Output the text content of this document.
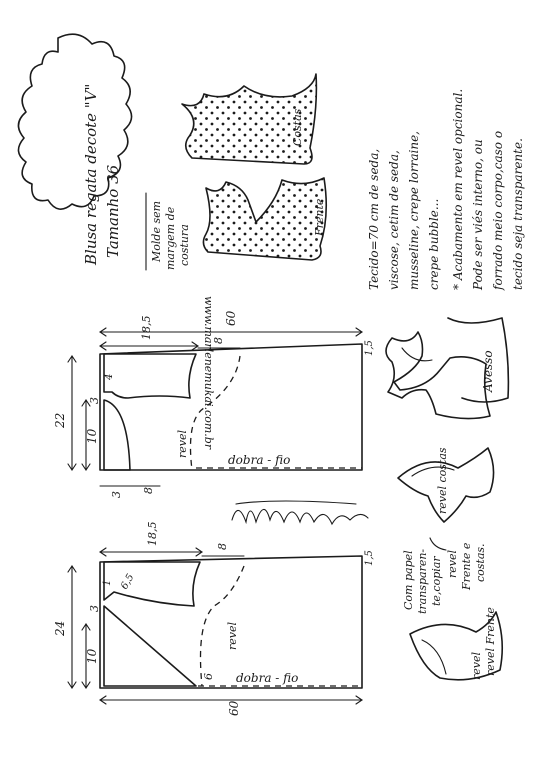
Blusa regata decote "V" Tamanho 36
Costas
Frente
Molde sem margem de costura
www.marlenemukai.com.br
Tecido=70 cm de seda, viscose, cetim de seda, musseline, crepe lorraine, crepe bubble... * Acabamento em revel opcional. Pode ser viés interno, ou forrado meio corpo,caso o tecido seja transparente.
Avesso
revel costas
Com papel transparen- te,copiar revel Frente e costas.
revel revel Frente
60
18,5
8	1,5
dobra - fio
revel
22
10
3
4
3
8
18,5
8
1,5
dobra - fio
revel
24
10
3
1 6,5
6
60
